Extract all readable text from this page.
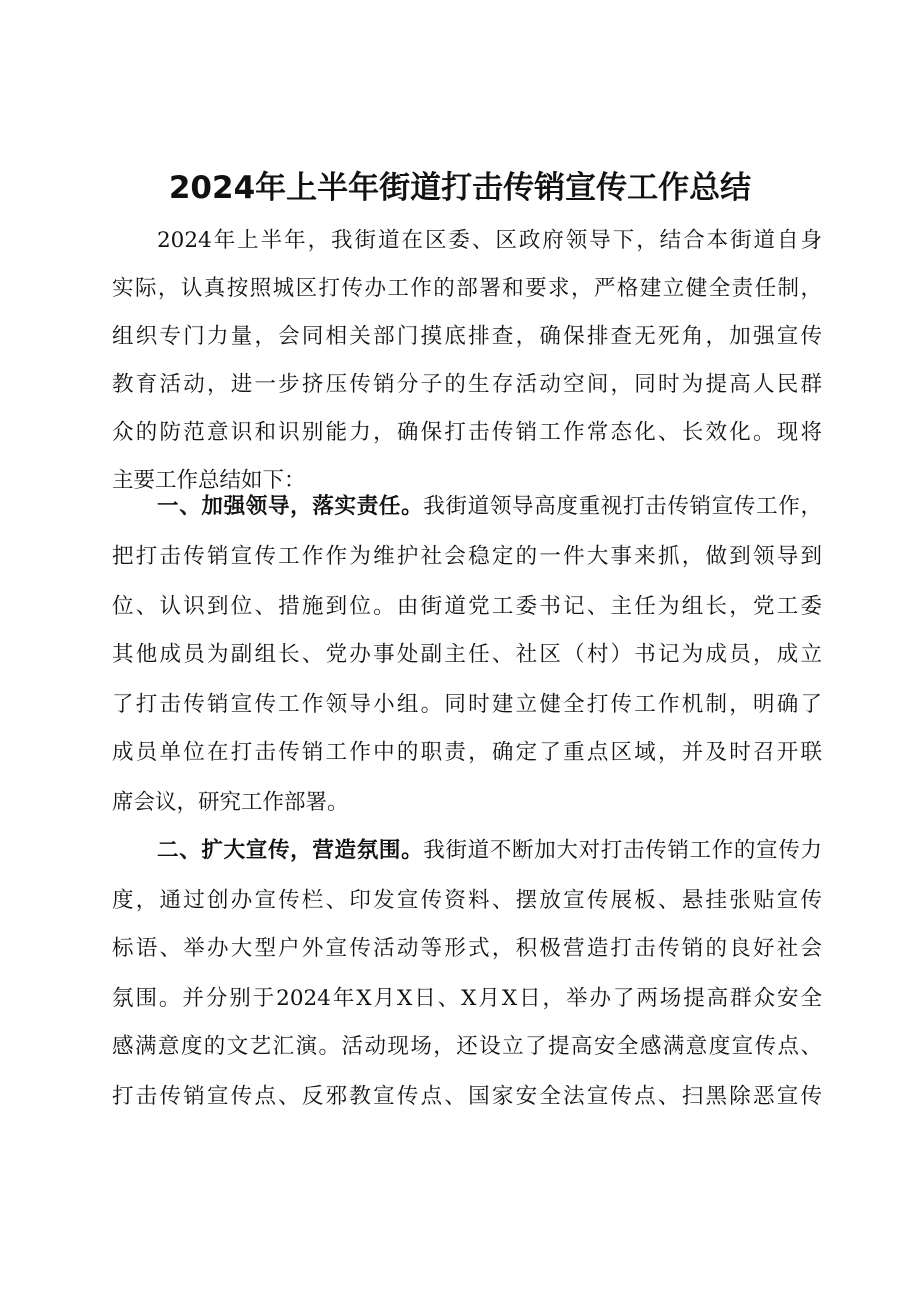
2024年上半年街道打击传销宣传工作总结
2024年上半年，我街道在区委、区政府领导下，结合本街道自身
实际，认真按照城区打传办工作的部署和要求，严格建立健全责任制，
组织专门力量，会同相关部门摸底排查，确保排查无死角，加强宣传
教育活动，进一步挤压传销分子的生存活动空间，同时为提高人民群
众的防范意识和识别能力，确保打击传销工作常态化、长效化。现将
主要工作总结如下：
一、加强领导，落实责任。我街道领导高度重视打击传销宣传工作，
把打击传销宣传工作作为维护社会稳定的一件大事来抓，做到领导到
位、认识到位、措施到位。由街道党工委书记、主任为组长，党工委
其他成员为副组长、党办事处副主任、社区（村）书记为成员，成立
了打击传销宣传工作领导小组。同时建立健全打传工作机制，明确了
成员单位在打击传销工作中的职责，确定了重点区域，并及时召开联
席会议，研究工作部署。
二、扩大宣传，营造氛围。我街道不断加大对打击传销工作的宣传力
度，通过创办宣传栏、印发宣传资料、摆放宣传展板、悬挂张贴宣传
标语、举办大型户外宣传活动等形式，积极营造打击传销的良好社会
氛围。并分别于2024年X月X日、X月X日，举办了两场提高群众安全
感满意度的文艺汇演。活动现场，还设立了提高安全感满意度宣传点、
打击传销宣传点、反邪教宣传点、国家安全法宣传点、扫黑除恶宣传
